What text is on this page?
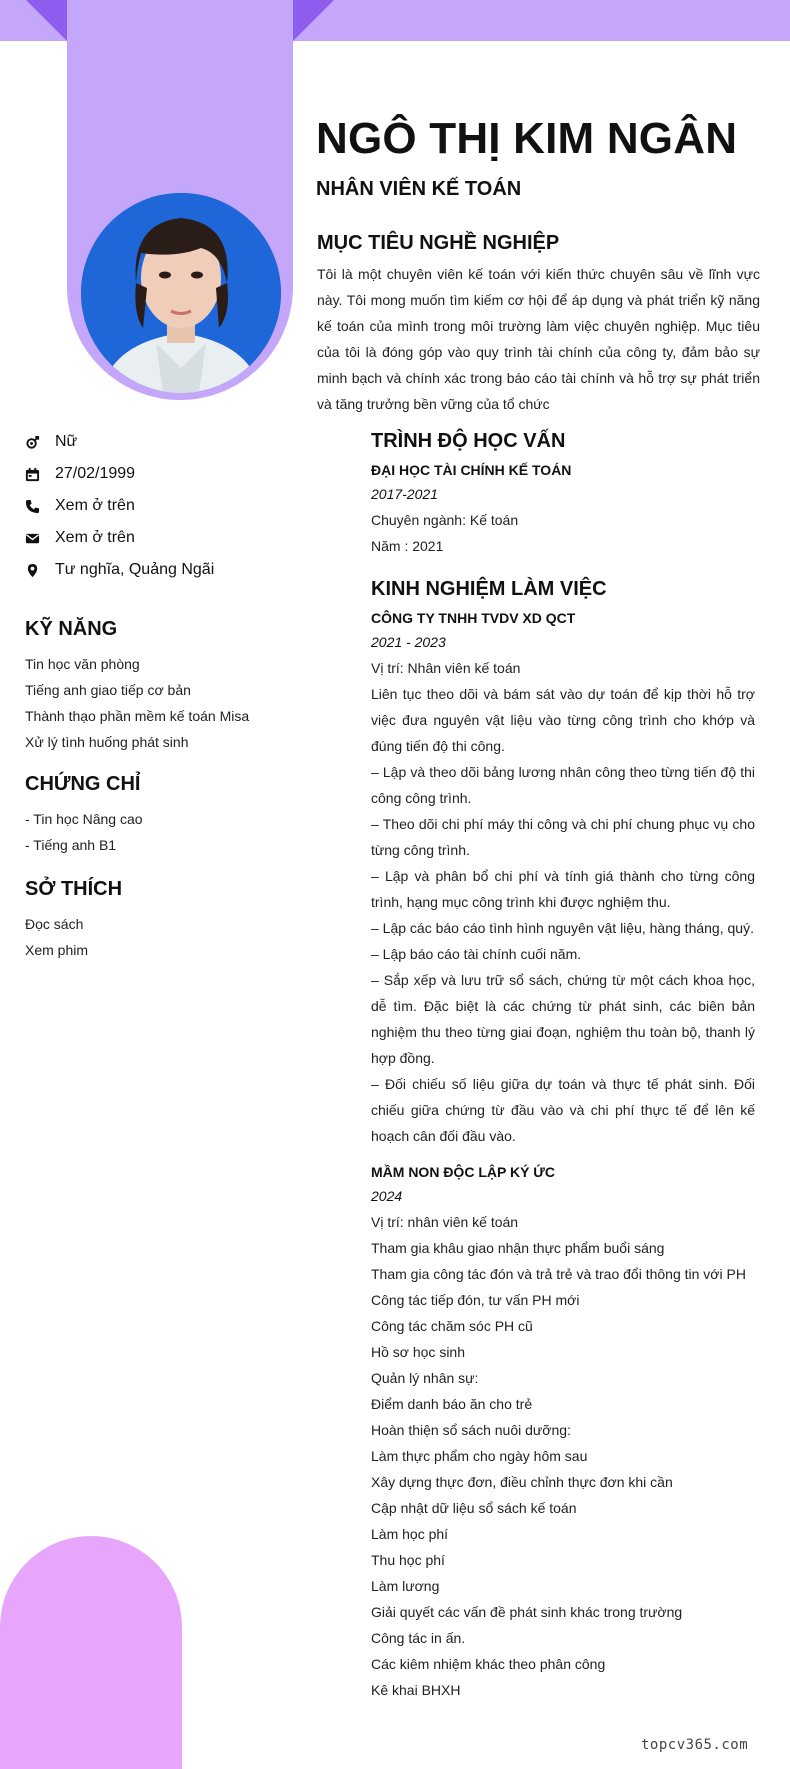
NGÔ THỊ KIM NGÂN
NHÂN VIÊN KẾ TOÁN
MỤC TIÊU NGHỀ NGHIỆP

Tôi là một chuyên viên kế toán với kiến thức chuyên sâu về lĩnh vực này. Tôi mong muốn tìm kiếm cơ hội để áp dụng và phát triển kỹ năng kế toán của mình trong môi trường làm việc chuyên nghiệp. Mục tiêu của tôi là đóng góp vào quy trình tài chính của công ty, đảm bảo sự minh bạch và chính xác trong báo cáo tài chính và hỗ trợ sự phát triển và tăng trưởng bền vững của tổ chức

Nữ
27/02/1999
Xem ở trên
Xem ở trên
Tư nghĩa, Quảng Ngãi
KỸ NĂNG
Tin học văn phòng
Tiếng anh giao tiếp cơ bản
Thành thạo phần mềm kế toán Misa
Xử lý tình huống phát sinh
CHỨNG CHỈ
- Tin học Nâng cao
- Tiếng anh B1
SỞ THÍCH
Đọc sách
Xem phim
TRÌNH ĐỘ HỌC VẤN
ĐẠI HỌC TÀI CHÍNH KẾ TOÁN
2017-2021
Chuyên ngành: Kế toán
Năm : 2021
KINH NGHIỆM LÀM VIỆC
CÔNG TY TNHH TVDV XD QCT
2021 - 2023
Vị trí: Nhân viên kế toán
Liên tục theo dõi và bám sát vào dự toán để kịp thời hỗ trợ việc đưa nguyên vật liệu vào từng công trình cho khớp và đúng tiến độ thi công.
– Lập và theo dõi bảng lương nhân công theo từng tiến độ thi công công trình.
– Theo dõi chi phí máy thi công và chi phí chung phục vụ cho từng công trình.
– Lập và phân bổ chi phí và tính giá thành cho từng công trình, hạng mục công trình khi được nghiệm thu.
– Lập các báo cáo tình hình nguyên vật liệu, hàng tháng, quý.
– Lập báo cáo tài chính cuối năm.
– Sắp xếp và lưu trữ sổ sách, chứng từ một cách khoa học, dễ tìm. Đặc biệt là các chứng từ phát sinh, các biên bản nghiệm thu theo từng giai đoạn, nghiệm thu toàn bộ, thanh lý hợp đồng.
– Đối chiếu số liệu giữa dự toán và thực tế phát sinh. Đối chiếu giữa chứng từ đầu vào và chi phí thực tế để lên kế hoạch cân đối đầu vào.
MẦM NON ĐỘC LẬP KÝ ỨC
2024
Vị trí: nhân viên kế toán
Tham gia khâu giao nhận thực phẩm buổi sáng
Tham gia công tác đón và trả trẻ và trao đổi thông tin với PH
Công tác tiếp đón, tư vấn PH mới
Công tác chăm sóc PH cũ
Hồ sơ học sinh
Quản lý nhân sự:
Điểm danh báo ăn cho trẻ
Hoàn thiện sổ sách nuôi dưỡng:
Làm thực phẩm cho ngày hôm sau
Xây dựng thực đơn, điều chỉnh thực đơn khi cần
Cập nhật dữ liệu sổ sách kế toán
Làm học phí
Thu học phí
Làm lương
Giải quyết các vấn đề phát sinh khác trong trường
Công tác in ấn.
Các kiêm nhiệm khác theo phân công
Kê khai BHXH
topcv365.com
